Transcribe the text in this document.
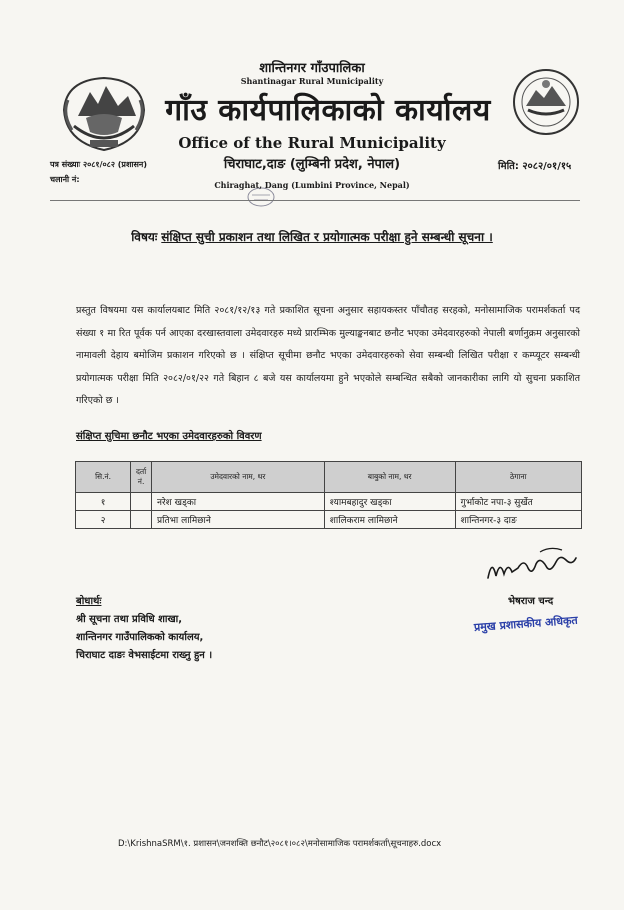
शान्तिनगर गाँउपालिका
Shantinagar Rural Municipality
गाँउ कार्यपालिकाको कार्यालय
Office of the Rural Municipality
चिराघाट,दाङ (लुम्बिनी प्रदेश, नेपाल)
Chiraghat, Dang (Lumbini Province, Nepal)
पत्र संख्याः २०८१/०८२ (प्रशासन)
चलानी नं:
मिति: २०८२/०१/१५
विषयः संक्षिप्त सुची प्रकाशन तथा लिखित र प्रयोगात्मक परीक्षा हुने सम्बन्धी सूचना ।
प्रस्तुत विषयमा यस कार्यालयबाट मिति २०८१/१२/१३ गते प्रकाशित सूचना अनुसार सहायकस्तर पाँचौतह सरहको, मनोसामाजिक परामर्शकर्ता पद संख्या १ मा रित पूर्वक पर्न आएका दरखास्तवाला उमेदवारहरु मध्ये प्रारम्भिक मुल्याङ्कनबाट छनौट भएका उमेदवारहरुको नेपाली बर्णानुक्रम अनुसारको नामावली देहाय बमोजिम प्रकाशन गरिएको छ । संक्षिप्त सूचीमा छनौट भएका उमेदवारहरुको सेवा सम्बन्धी लिखित परीक्षा र कम्प्यूटर सम्बन्धी प्रयोगात्मक परीक्षा मिति २०८२/०१/२२ गते बिहान ८ बजे यस कार्यालयमा हुने भएकोले सम्बन्धित सबैको जानकारीका लागि यो सुचना प्रकाशित गरिएको छ ।
संक्षिप्त सुचिमा छनौट भएका उमेदवारहरुको विवरण
सि.नं.	दर्ता नं.	उमेदवारको नाम, थर	बाबुको नाम, थर	ठेगाना
१		नरेश खड्का	श्यामबहादुर खड्का	गुर्भाकोट नपा-३ सुर्खेत
२		प्रतिभा लामिछाने	शालिकराम लामिछाने	शान्तिनगर-३ दाङ
भेषराज चन्द
प्रमुख प्रशासकीय अधिकृत
बोधार्थः
श्री सूचना तथा प्रविधि शाखा,
शान्तिनगर गाउँपालिकको कार्यालय,
चिराघाट दाङः वेभसाईटमा राख्नु हुन ।
D:\KrishnaSRM\१. प्रशासन\जनशक्ति छनौट\२०८१।०८२\मनोसामाजिक परामर्शकर्ता\सूचनाहरु.docx
